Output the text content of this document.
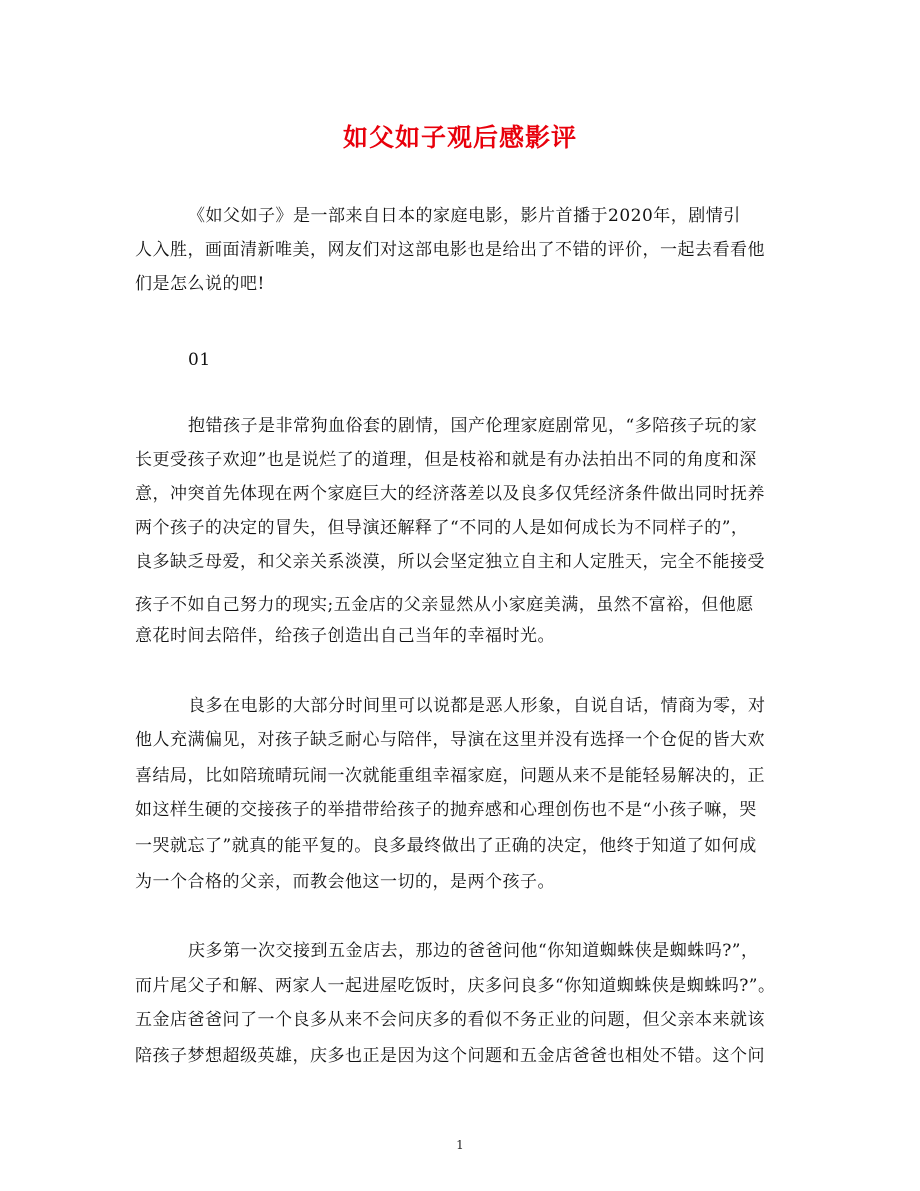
如父如子观后感影评
《如父如子》是一部来自日本的家庭电影，影片首播于2020年，剧情引
人入胜，画面清新唯美，网友们对这部电影也是给出了不错的评价，一起去看看他
们是怎么说的吧!
01
抱错孩子是非常狗血俗套的剧情，国产伦理家庭剧常见，“多陪孩子玩的家
长更受孩子欢迎”也是说烂了的道理，但是枝裕和就是有办法拍出不同的角度和深
意，冲突首先体现在两个家庭巨大的经济落差以及良多仅凭经济条件做出同时抚养
两个孩子的决定的冒失，但导演还解释了“不同的人是如何成长为不同样子的”，
良多缺乏母爱，和父亲关系淡漠，所以会坚定独立自主和人定胜天，完全不能接受
孩子不如自己努力的现实;五金店的父亲显然从小家庭美满，虽然不富裕，但他愿
意花时间去陪伴，给孩子创造出自己当年的幸福时光。
良多在电影的大部分时间里可以说都是恶人形象，自说自话，情商为零，对
他人充满偏见，对孩子缺乏耐心与陪伴，导演在这里并没有选择一个仓促的皆大欢
喜结局，比如陪琉晴玩闹一次就能重组幸福家庭，问题从来不是能轻易解决的，正
如这样生硬的交接孩子的举措带给孩子的抛弃感和心理创伤也不是“小孩子嘛，哭
一哭就忘了”就真的能平复的。良多最终做出了正确的决定，他终于知道了如何成
为一个合格的父亲，而教会他这一切的，是两个孩子。
庆多第一次交接到五金店去，那边的爸爸问他“你知道蜘蛛侠是蜘蛛吗?”，
而片尾父子和解、两家人一起进屋吃饭时，庆多问良多“你知道蜘蛛侠是蜘蛛吗?”。
五金店爸爸问了一个良多从来不会问庆多的看似不务正业的问题，但父亲本来就该
陪孩子梦想超级英雄，庆多也正是因为这个问题和五金店爸爸也相处不错。这个问
1
